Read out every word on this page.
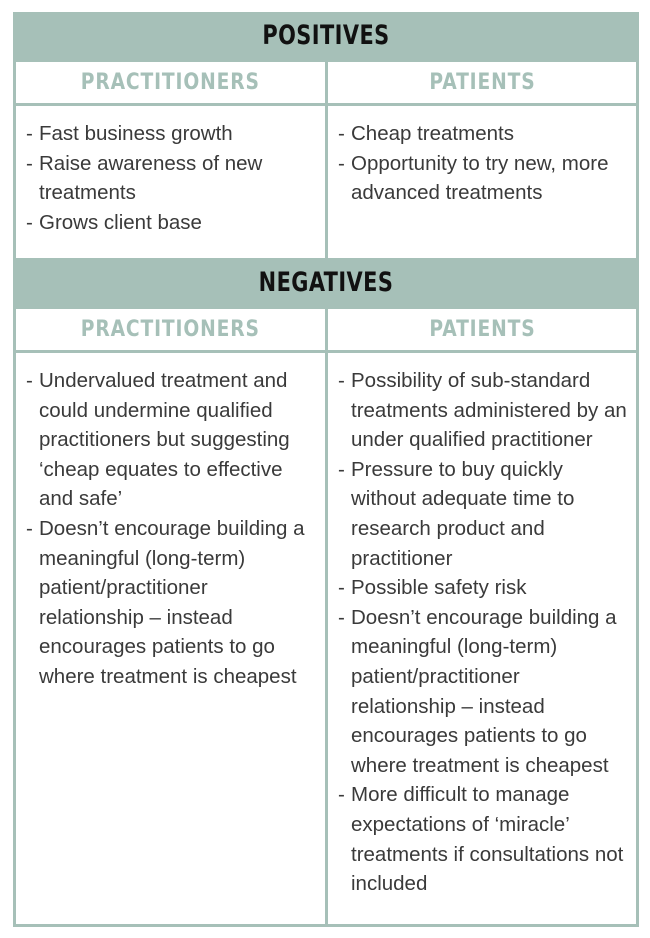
POSITIVES
PRACTITIONERS	PATIENTS
- Fast business growth
- Raise awareness of new treatments
- Grows client base
- Cheap treatments
- Opportunity to try new, more advanced treatments
NEGATIVES
PRACTITIONERS	PATIENTS
- Undervalued treatment and could undermine qualified practitioners but suggesting ‘cheap equates to effective and safe’
- Doesn’t encourage building a meaningful (long-term) patient/practitioner relationship – instead encourages patients to go where treatment is cheapest
- Possibility of sub-standard treatments administered by an under qualified practitioner
- Pressure to buy quickly without adequate time to research product and practitioner
- Possible safety risk
- Doesn’t encourage building a meaningful (long-term) patient/practitioner relationship – instead encourages patients to go where treatment is cheapest
- More difficult to manage expectations of ‘miracle’ treatments if consultations not included
